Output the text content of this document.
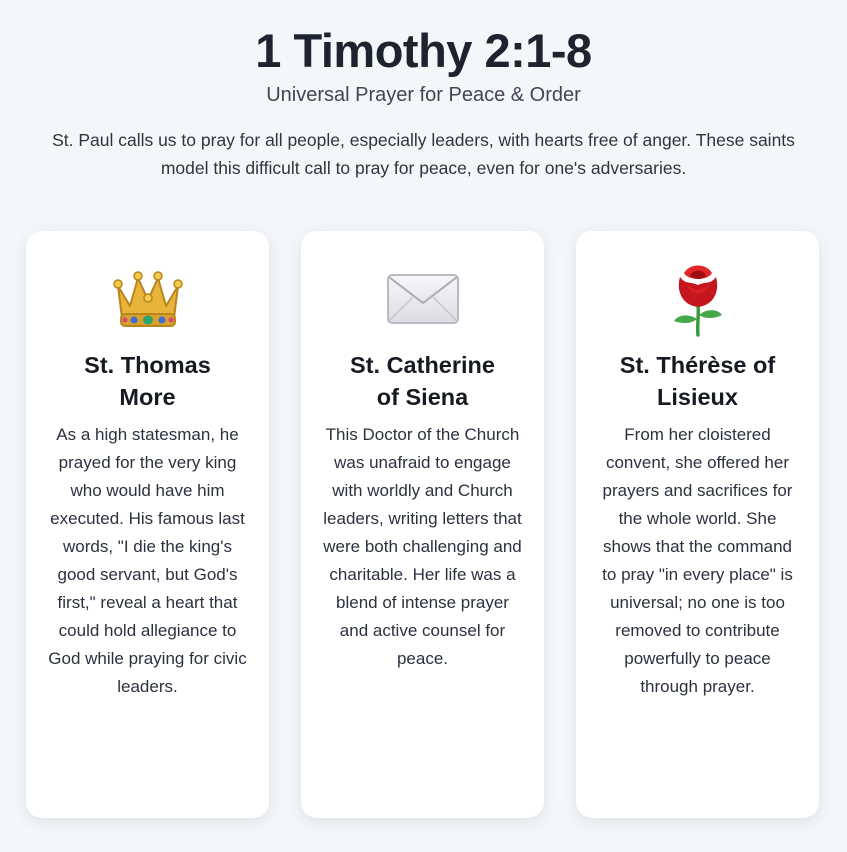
1 Timothy 2:1-8

Universal Prayer for Peace & Order

St. Paul calls us to pray for all people, especially leaders, with hearts free of anger. These saints model this difficult call to pray for peace, even for one's adversaries.

St. Thomas More

As a high statesman, he prayed for the very king who would have him executed. His famous last words, "I die the king's good servant, but God's first," reveal a heart that could hold allegiance to God while praying for civic leaders.

St. Catherine of Siena

This Doctor of the Church was unafraid to engage with worldly and Church leaders, writing letters that were both challenging and charitable. Her life was a blend of intense prayer and active counsel for peace.

St. Thérèse of Lisieux

From her cloistered convent, she offered her prayers and sacrifices for the whole world. She shows that the command to pray "in every place" is universal; no one is too removed to contribute powerfully to peace through prayer.
